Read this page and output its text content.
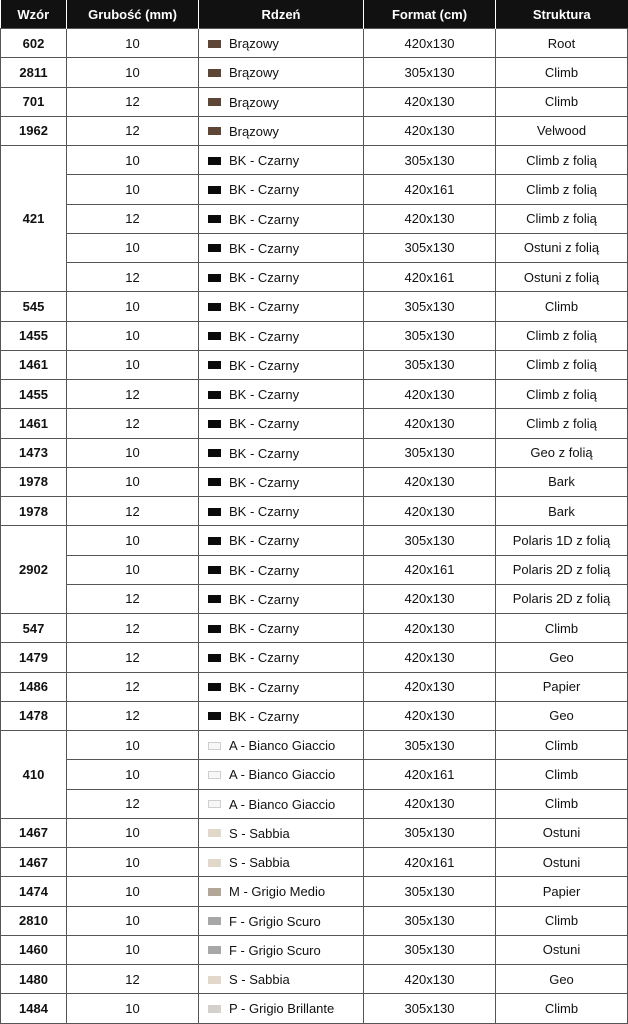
Wzór	Grubość (mm)	Rdzeń	Format (cm)	Struktura
602	10	Brązowy	420x130	Root
2811	10	Brązowy	305x130	Climb
701	12	Brązowy	420x130	Climb
1962	12	Brązowy	420x130	Velwood
421	10	BK - Czarny	305x130	Climb z folią
	10	BK - Czarny	420x161	Climb z folią
	12	BK - Czarny	420x130	Climb z folią
	10	BK - Czarny	305x130	Ostuni z folią
	12	BK - Czarny	420x161	Ostuni z folią
545	10	BK - Czarny	305x130	Climb
1455	10	BK - Czarny	305x130	Climb z folią
1461	10	BK - Czarny	305x130	Climb z folią
1455	12	BK - Czarny	420x130	Climb z folią
1461	12	BK - Czarny	420x130	Climb z folią
1473	10	BK - Czarny	305x130	Geo z folią
1978	10	BK - Czarny	420x130	Bark
1978	12	BK - Czarny	420x130	Bark
2902	10	BK - Czarny	305x130	Polaris 1D z folią
	10	BK - Czarny	420x161	Polaris 2D z folią
	12	BK - Czarny	420x130	Polaris 2D z folią
547	12	BK - Czarny	420x130	Climb
1479	12	BK - Czarny	420x130	Geo
1486	12	BK - Czarny	420x130	Papier
1478	12	BK - Czarny	420x130	Geo
410	10	A - Bianco Giaccio	305x130	Climb
	10	A - Bianco Giaccio	420x161	Climb
	12	A - Bianco Giaccio	420x130	Climb
1467	10	S - Sabbia	305x130	Ostuni
1467	10	S - Sabbia	420x161	Ostuni
1474	10	M - Grigio Medio	305x130	Papier
2810	10	F - Grigio Scuro	305x130	Climb
1460	10	F - Grigio Scuro	305x130	Ostuni
1480	12	S - Sabbia	420x130	Geo
1484	10	P - Grigio Brillante	305x130	Climb
